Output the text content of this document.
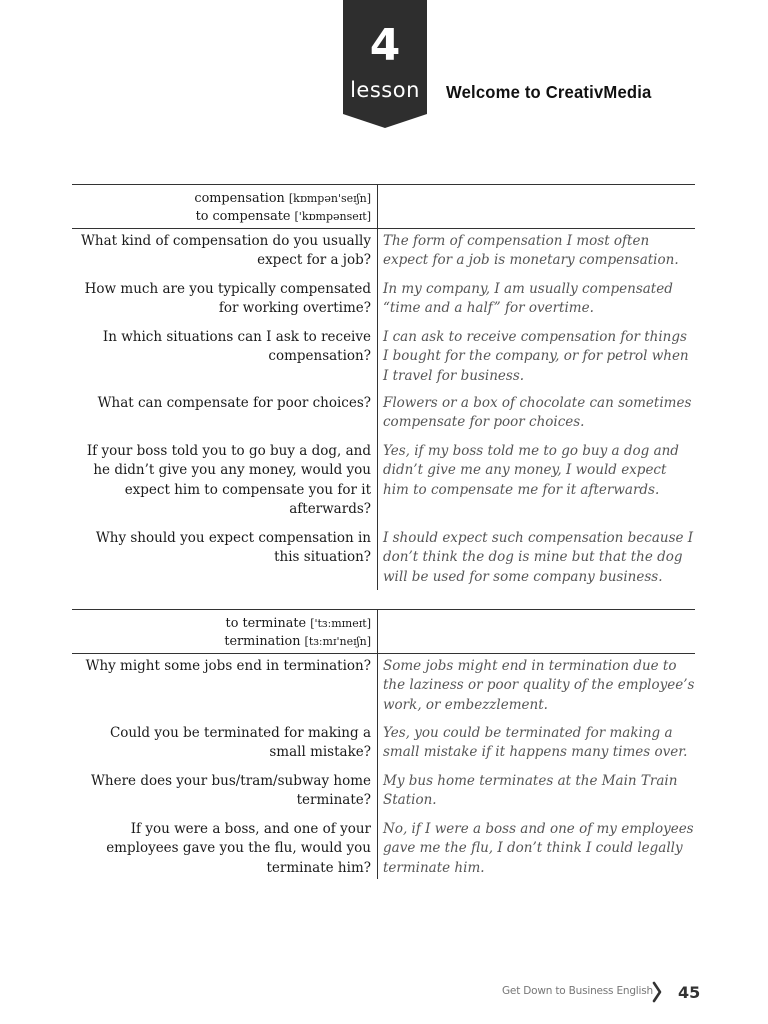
4
lesson	Welcome to CreativMedia
compensation [kɒmpən'seɪʃn]
to compensate ['kɒmpənseɪt]
What kind of compensation do you usually expect for a job?
The form of compensation I most often expect for a job is monetary compensation.
How much are you typically compensated for working overtime?
In my company, I am usually compensated “time and a half” for overtime.
In which situations can I ask to receive compensation?
I can ask to receive compensation for things I bought for the company, or for petrol when I travel for business.
What can compensate for poor choices? Flowers or a box of chocolate can sometimes compensate for poor choices.
If your boss told you to go buy a dog, and he didn’t give you any money, would you expect him to compensate you for it afterwards?
Yes, if my boss told me to go buy a dog and didn’t give me any money, I would expect him to compensate me for it afterwards.
Why should you expect compensation in this situation?
I should expect such compensation because I don’t think the dog is mine but that the dog will be used for some company business.
to terminate ['tɜːmɪneɪt]
termination [tɜːmɪ'neɪʃn]
Why might some jobs end in termination? Some jobs might end in termination due to the laziness or poor quality of the employee’s work, or embezzlement.
Could you be terminated for making a small mistake?
Yes, you could be terminated for making a small mistake if it happens many times over.
Where does your bus/tram/subway home terminate?
My bus home terminates at the Main Train Station.
If you were a boss, and one of your employees gave you the flu, would you terminate him?
No, if I were a boss and one of my employees gave me the flu, I don’t think I could legally terminate him.
Get Down to Business English 45
